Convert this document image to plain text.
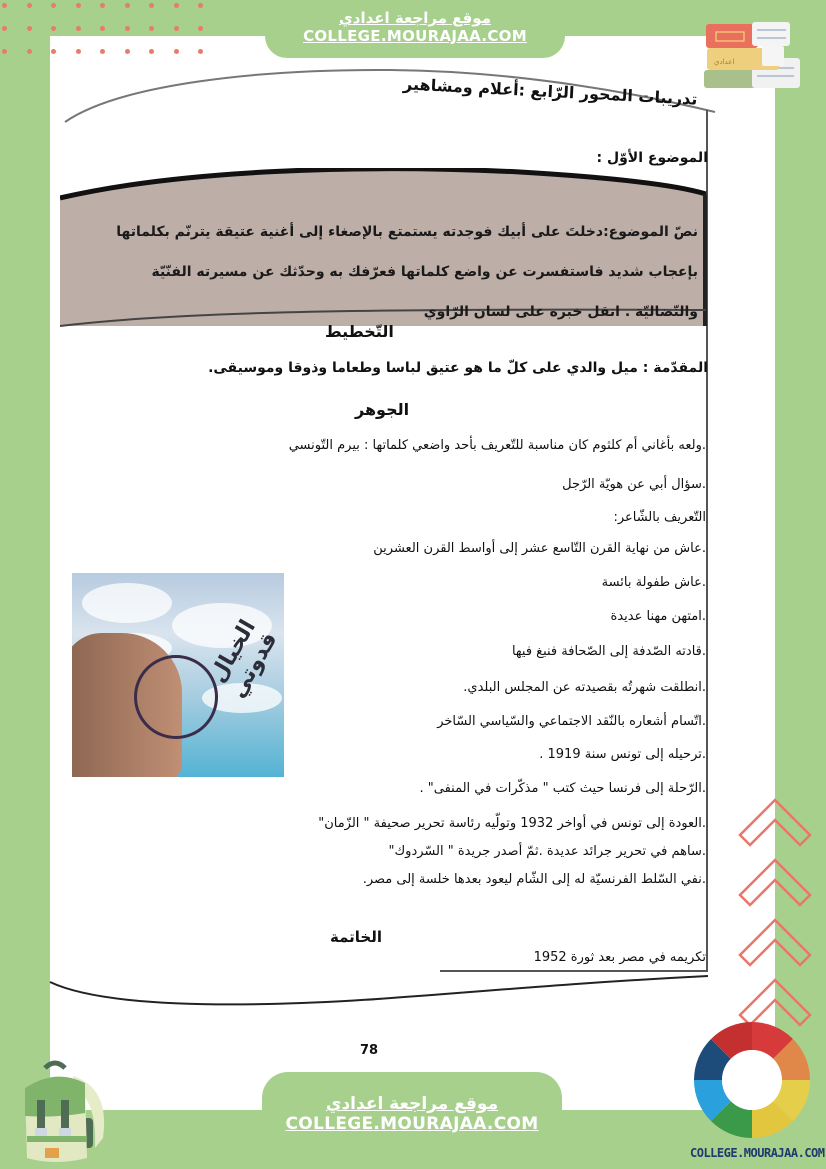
موقع مراجعة اعدادي
COLLEGE.MOURAJAA.COM
اعدادي
تدريبات المحور الرّابع :أعلام ومشاهير
الموضوع الأوّل :
نصّ الموضوع:دخلتَ على أبيك فوجدته يستمتع بالإصغاء إلى أغنية عتيقة يترنّم بكلماتها
بإعجاب شديد فاستفسرت عن واضع كلماتها فعرّفك به وحدّثك عن مسيرته الفنّيّة
والنّضاليّة . انقل خبره على لسان الرّاوي
التّخطيط
المقدّمة : ميل والدي على كلّ ما هو عتيق لباسا وطعاما وذوقا وموسيقى.
الجوهر
.ولعه بأغاني أم كلثوم كان مناسبة للتّعريف بأحد واضعي كلماتها : بيرم التّونسي
.سؤال أبي عن هويّة الرّجل
التّعريف بالشّاعر:
.عاش من نهاية القرن التّاسع عشر إلى أواسط القرن العشرين
.عاش طفولة بائسة
.امتهن مهنا عديدة
.قادته الصّدفة إلى الصّحافة فنبغ فيها
.انطلقت شهرتُه بقصيدته عن المجلس البلدي.
.اتّسام أشعاره بالنّقد الاجتماعي والسّياسي السّاخر
.ترحيله إلى تونس سنة 1919 .
.الرّحلة إلى فرنسا حيث كتب " مذكّرات في المنفى" .
.العودة إلى تونس في أواخر 1932 وتولّيه رئاسة تحرير صحيفة " الزّمان"
.ساهم في تحرير جرائد عديدة .ثمّ أصدر جريدة " السّردوك"
.نفي السّلط الفرنسيّة له إلى الشّام ليعود بعدها خلسة إلى مصر.
الخاتمة
تكريمه في مصر بعد ثورة 1952
الخيال قدوتي
78
COLLEGE.MOURAJAA.COM
موقع مراجعة اعدادي
COLLEGE.MOURAJAA.COM
